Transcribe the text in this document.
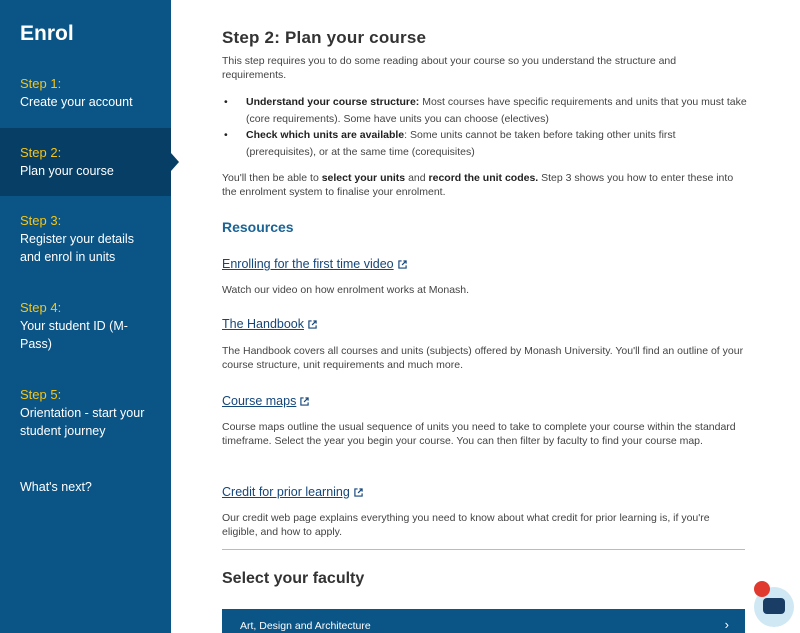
Enrol
Step 1:
Create your account
Step 2:
Plan your course
Step 3:
Register your details and enrol in units
Step 4:
Your student ID (M-Pass)
Step 5:
Orientation - start your student journey
What's next?
Step 2: Plan your course

This step requires you to do some reading about your course so you understand the structure and requirements.

• Understand your course structure: Most courses have specific requirements and units that you must take (core requirements). Some have units you can choose (electives)
• Check which units are available: Some units cannot be taken before taking other units first (prerequisites), or at the same time (corequisites)

You'll then be able to select your units and record the unit codes. Step 3 shows you how to enter these into the enrolment system to finalise your enrolment.

Resources
Enrolling for the first time video

Watch our video on how enrolment works at Monash.

The Handbook

The Handbook covers all courses and units (subjects) offered by Monash University. You'll find an outline of your course structure, unit requirements and much more.

Course maps

Course maps outline the usual sequence of units you need to take to complete your course within the standard timeframe. Select the year you begin your course. You can then filter by faculty to find your course map.

Credit for prior learning

Our credit web page explains everything you need to know about what credit for prior learning is, if you're eligible, and how to apply.

Select your faculty
Art, Design and Architecture	›
